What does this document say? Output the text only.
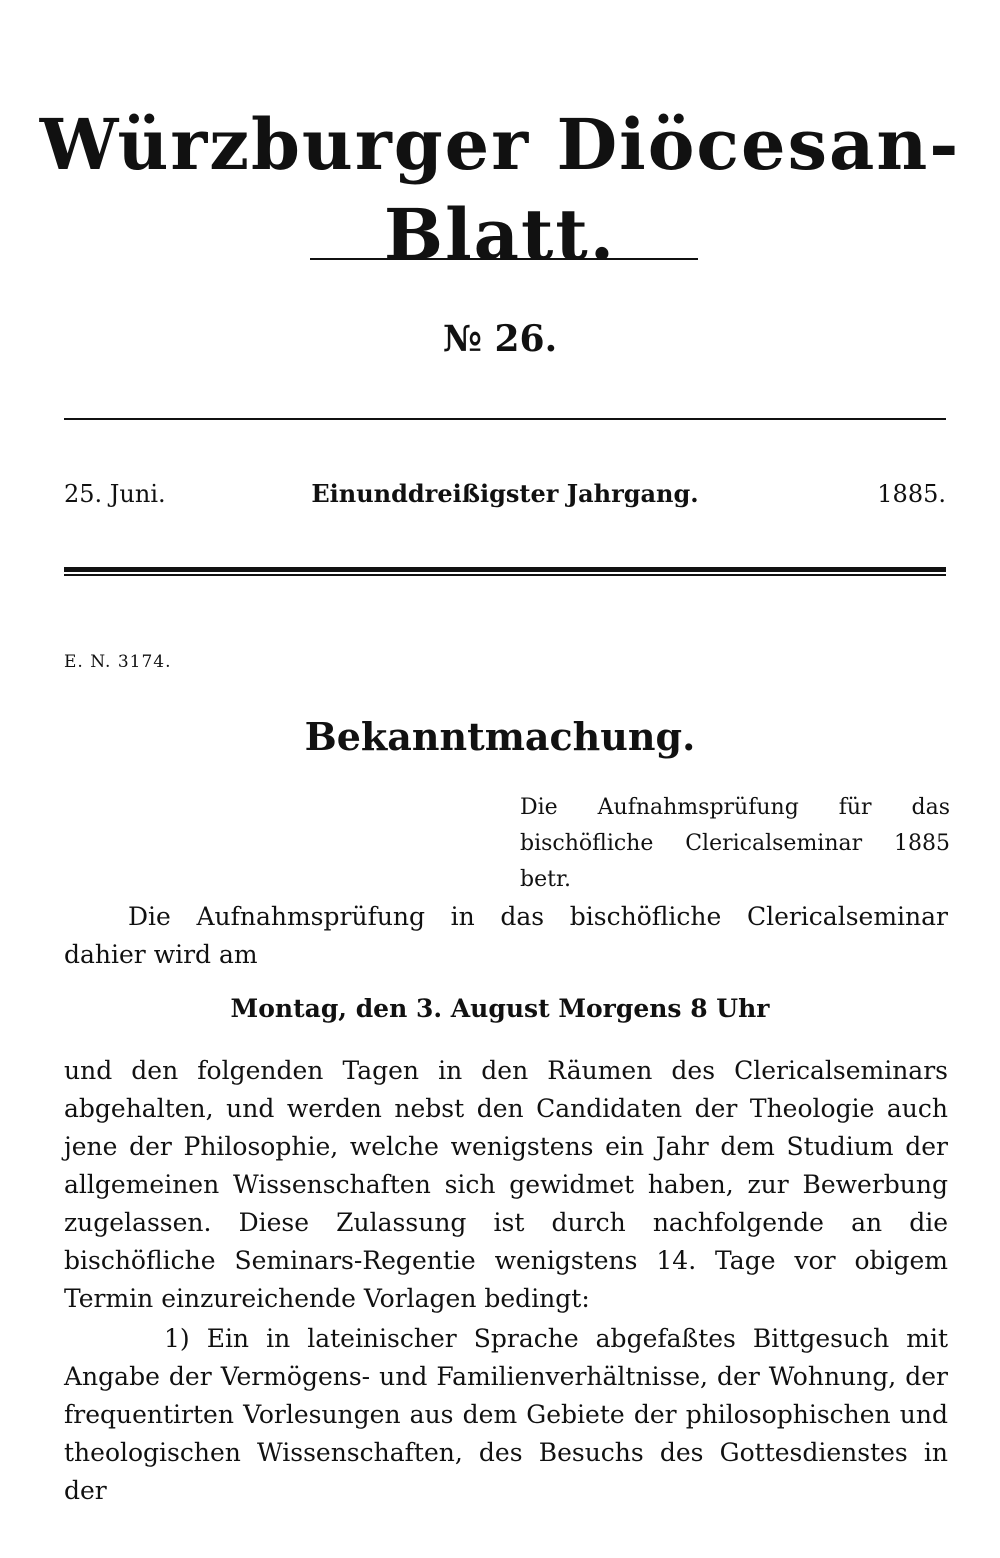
Würzburger Diöcesan-Blatt.
№ 26.
25. Juni.	Einunddreißigster Jahrgang.	1885.
E. N. 3174.
Bekanntmachung.
Die Aufnahmsprüfung für das bischöfliche Clericalseminar 1885 betr.
Die Aufnahmsprüfung in das bischöfliche Clericalseminar dahier wird am
Montag, den 3. August Morgens 8 Uhr
und den folgenden Tagen in den Räumen des Clericalseminars abgehalten, und werden nebst den Candidaten der Theologie auch jene der Philosophie, welche wenigstens ein Jahr dem Studium der allgemeinen Wissenschaften sich gewidmet haben, zur Bewerbung zugelassen. Diese Zulassung ist durch nachfolgende an die bischöfliche Seminars-Regentie wenigstens 14. Tage vor obigem Termin einzureichende Vorlagen bedingt:
1) Ein in lateinischer Sprache abgefaßtes Bittgesuch mit Angabe der Vermögens- und Familienverhältnisse, der Wohnung, der frequentirten Vorlesungen aus dem Gebiete der philosophischen und theologischen Wissenschaften, des Besuchs des Gottesdienstes in der
